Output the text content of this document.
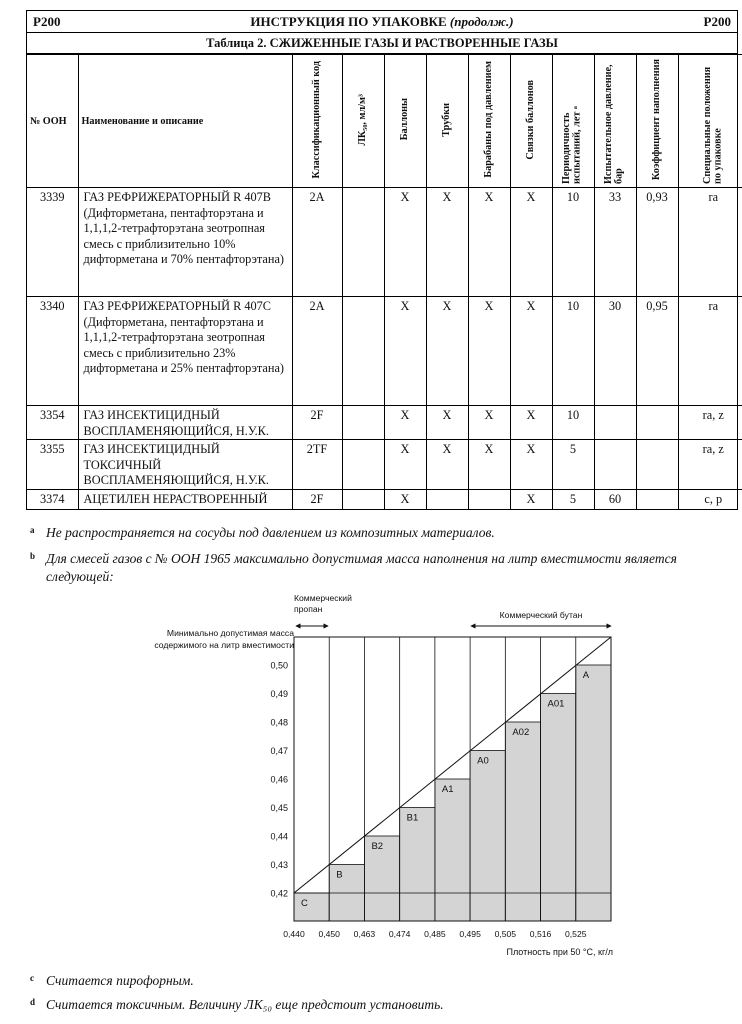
P200	ИНСТРУКЦИЯ ПО УПАКОВКЕ (продолж.)	P200
Таблица 2. СЖИЖЕННЫЕ ГАЗЫ И РАСТВОРЕННЫЕ ГАЗЫ
№ ООН	Наименование и описание	Классификационный код	ЛК₅₀, мл/м³	Баллоны	Трубки	Барабаны под давлением	Связки баллонов	Периодичность испытаний, лет ᵃ	Испытательное давление, бар	Коэффициент наполнения	Специальные положения по упаковке
3339	ГАЗ РЕФРИЖЕРАТОРНЫЙ R 407B (Дифторметана, пентафторэтана и 1,1,1,2-тетрафторэтана зеотропная смесь с приблизительно 10% дифторметана и 70% пентафторэтана)	2A		X	X	X	X	10	33	0,93	ra
3340	ГАЗ РЕФРИЖЕРАТОРНЫЙ R 407C (Дифторметана, пентафторэтана и 1,1,1,2-тетрафторэтана зеотропная смесь с приблизительно 23% дифторметана и 25% пентафторэтана)	2A		X	X	X	X	10	30	0,95	ra
3354	ГАЗ ИНСЕКТИЦИДНЫЙ ВОСПЛАМЕНЯЮЩИЙСЯ, Н.У.К.	2F		X	X	X	X	10			ra, z
3355	ГАЗ ИНСЕКТИЦИДНЫЙ ТОКСИЧНЫЙ ВОСПЛАМЕНЯЮЩИЙСЯ, Н.У.К.	2TF		X	X	X	X	5			ra, z
3374	АЦЕТИЛЕН НЕРАСТВОРЕННЫЙ	2F		X			X	5	60		c, p
a Не распространяется на сосуды под давлением из композитных материалов.
b Для смесей газов с № ООН 1965 максимально допустимая масса наполнения на литр вместимости является следующей:
C
B
B2
B1
A1
A0
A02
A01
A
0,42
0,43
0,44
0,45
0,46
0,47
0,48
0,49
0,50
0,440 0,450 0,463 0,474 0,485 0,495 0,505 0,516 0,525
Минимально допустимая масса
содержимого на литр вместимости
Плотность при 50 °С, кг/л
Коммерческий
пропан
Коммерческий бутан
c Считается пирофорным.
d Считается токсичным. Величину ЛК₅₀ еще предстоит установить.
